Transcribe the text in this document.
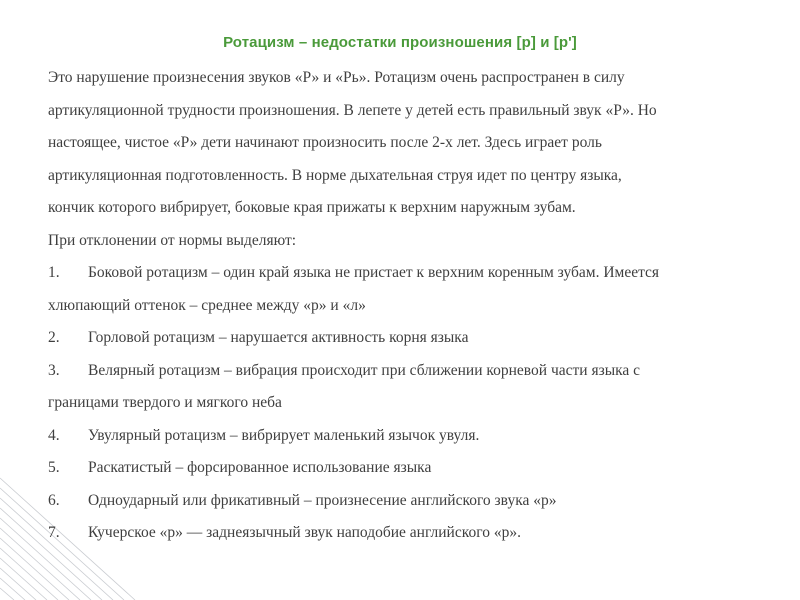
Ротацизм – недостатки произношения [р] и [р']
Это нарушение произнесения звуков «Р» и «Рь». Ротацизм очень распространен в силу
артикуляционной трудности произношения. В лепете у детей есть правильный звук «Р». Но
настоящее, чистое «Р» дети начинают произносить после 2-х лет. Здесь играет роль
артикуляционная подготовленность. В норме дыхательная струя идет по центру языка,
кончик которого вибрирует, боковые края прижаты к верхним наружным зубам.
При отклонении от нормы выделяют:
1.	Боковой ротацизм – один край языка не пристает к верхним коренным зубам. Имеется
хлюпающий оттенок – среднее между «р» и «л»
2.	Горловой ротацизм – нарушается активность корня языка
3.	Велярный ротацизм – вибрация происходит при сближении корневой части языка с
границами твердого и мягкого неба
4.	Увулярный ротацизм – вибрирует маленький язычок увуля.
5.	Раскатистый – форсированное использование языка
6.	Одноударный или фрикативный – произнесение английского звука «р»
7.	Кучерское «р» — заднеязычный звук наподобие английского «р».
